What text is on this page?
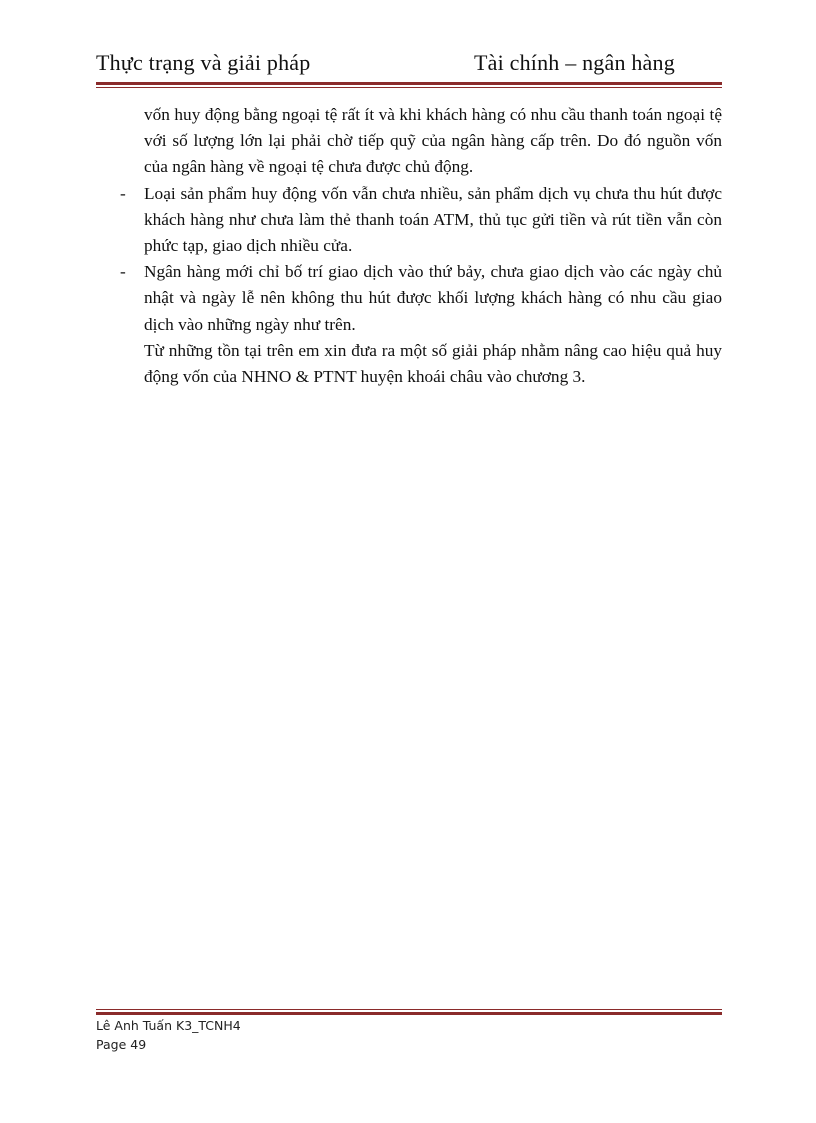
Thực trạng và giải pháp	Tài chính – ngân hàng

vốn huy động bằng ngoại tệ rất ít và khi khách hàng có nhu cầu thanh toán ngoại tệ với số lượng lớn lại phải chờ tiếp quỹ của ngân hàng cấp trên. Do đó nguồn vốn của ngân hàng về ngoại tệ chưa được chủ động.

- Loại sản phẩm huy động vốn vẫn chưa nhiều, sản phẩm dịch vụ chưa thu hút được khách hàng như chưa làm thẻ thanh toán ATM, thủ tục gửi tiền và rút tiền vẫn còn phức tạp, giao dịch nhiều cửa.

- Ngân hàng mới chỉ bố trí giao dịch vào thứ bảy, chưa giao dịch vào các ngày chủ nhật và ngày lễ nên không thu hút được khối lượng khách hàng có nhu cầu giao dịch vào những ngày như trên.

Từ những tồn tại trên em xin đưa ra một số giải pháp nhằm nâng cao hiệu quả huy động vốn của NHNO & PTNT huyện khoái châu vào chương 3.

Lê Anh Tuấn K3_TCNH4
Page 49
